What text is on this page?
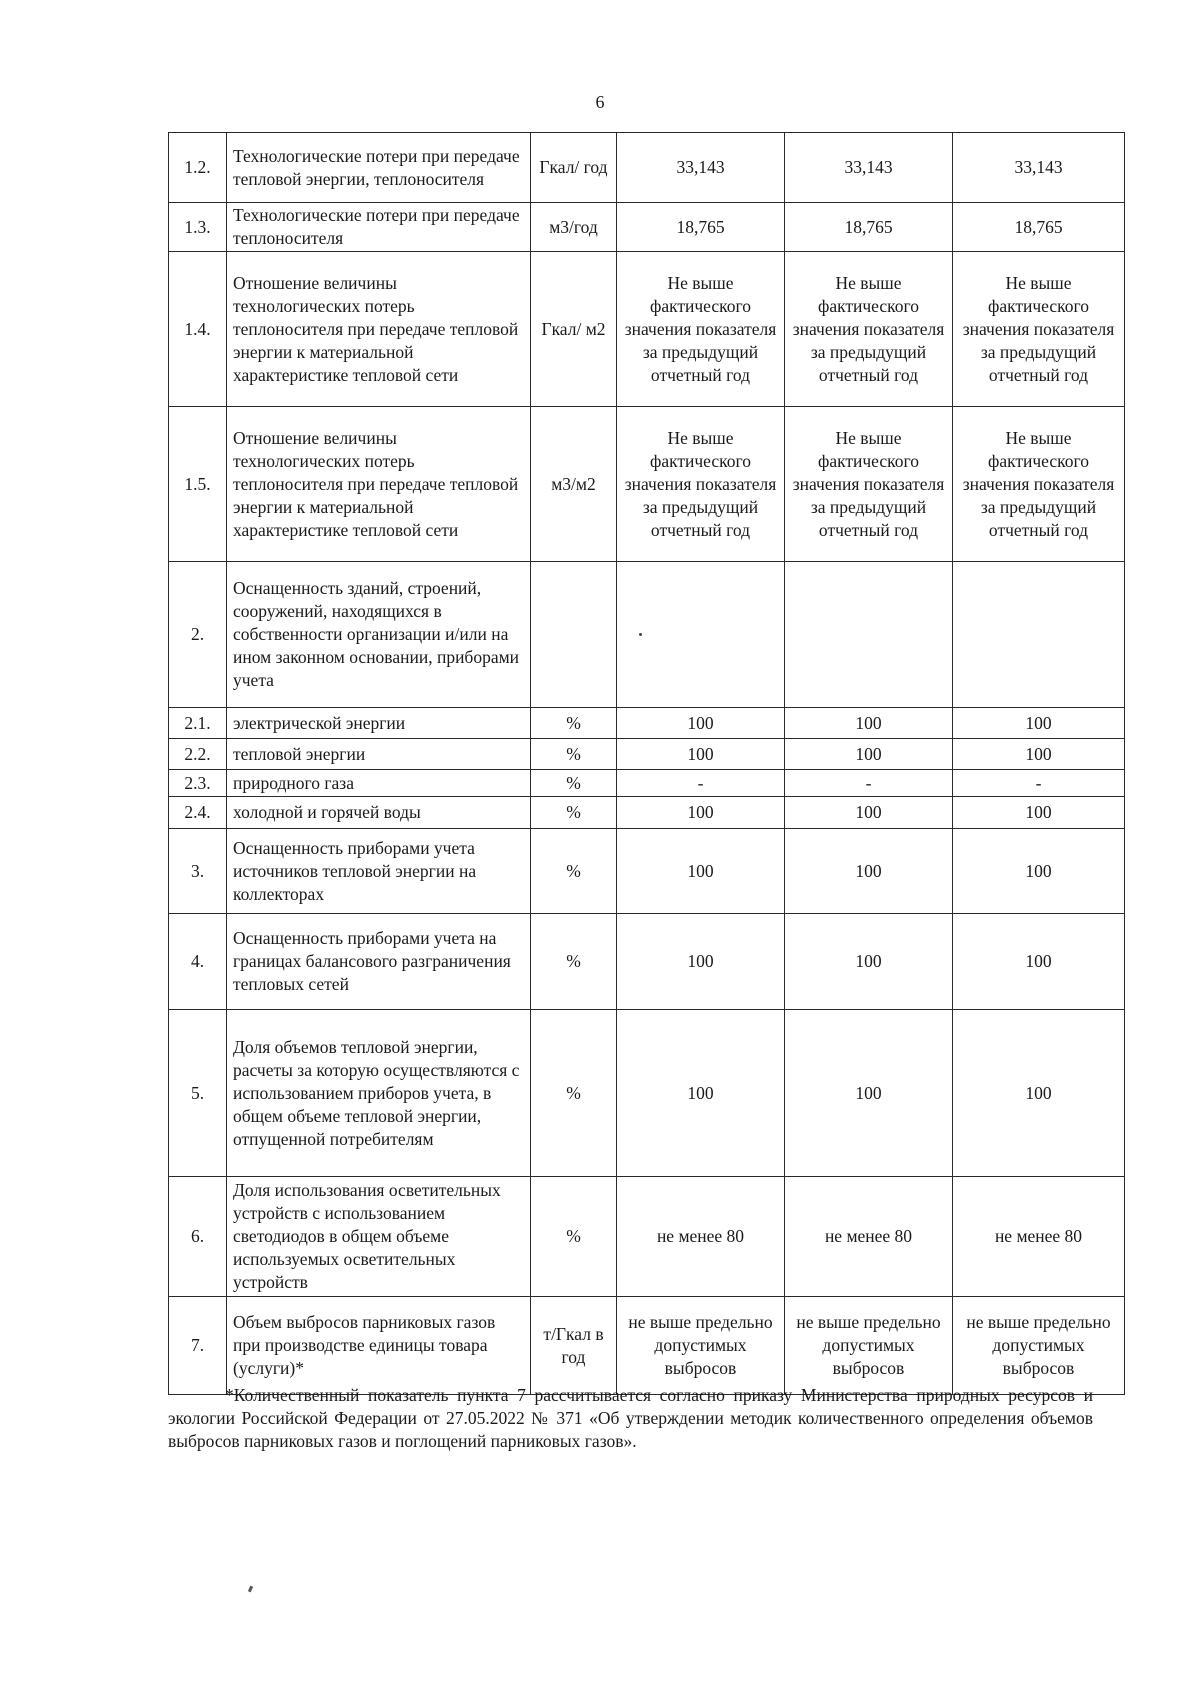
6
1.2.	Технологические потери при передаче тепловой энергии, теплоносителя	Гкал/ год	33,143	33,143	33,143
1.3.	Технологические потери при передаче теплоносителя	м3/год	18,765	18,765	18,765
1.4.	Отношение величины технологических потерь теплоносителя при передаче тепловой энергии к материальной характеристике тепловой сети	Гкал/ м2	Не выше фактического значения показателя за предыдущий отчетный год	Не выше фактического значения показателя за предыдущий отчетный год	Не выше фактического значения показателя за предыдущий отчетный год
1.5.	Отношение величины технологических потерь теплоносителя при передаче тепловой энергии к материальной характеристике тепловой сети	м3/м2	Не выше фактического значения показателя за предыдущий отчетный год	Не выше фактического значения показателя за предыдущий отчетный год	Не выше фактического значения показателя за предыдущий отчетный год
2.	Оснащенность зданий, строений, сооружений, находящихся в собственности организации и/или на ином законном основании, приборами учета				
2.1.	электрической энергии	%	100	100	100
2.2.	тепловой энергии	%	100	100	100
2.3.	природного газа	%	-	-	-
2.4.	холодной и горячей воды	%	100	100	100
3.	Оснащенность приборами учета источников тепловой энергии на коллекторах	%	100	100	100
4.	Оснащенность приборами учета на границах балансового разграничения тепловых сетей	%	100	100	100
5.	Доля объемов тепловой энергии, расчеты за которую осуществляются с использованием приборов учета, в общем объеме тепловой энергии, отпущенной потребителям	%	100	100	100
6.	Доля использования осветительных устройств с использованием светодиодов в общем объеме используемых осветительных устройств	%	не менее 80	не менее 80	не менее 80
7.	Объем выбросов парниковых газов при производстве единицы товара (услуги)*	т/Гкал в год	не выше предельно допустимых выбросов	не выше предельно допустимых выбросов	не выше предельно допустимых выбросов
*Количественный показатель пункта 7 рассчитывается согласно приказу Министерства природных ресурсов и экологии Российской Федерации от 27.05.2022 № 371 «Об утверждении методик количественного определения объемов выбросов парниковых газов и поглощений парниковых газов».
